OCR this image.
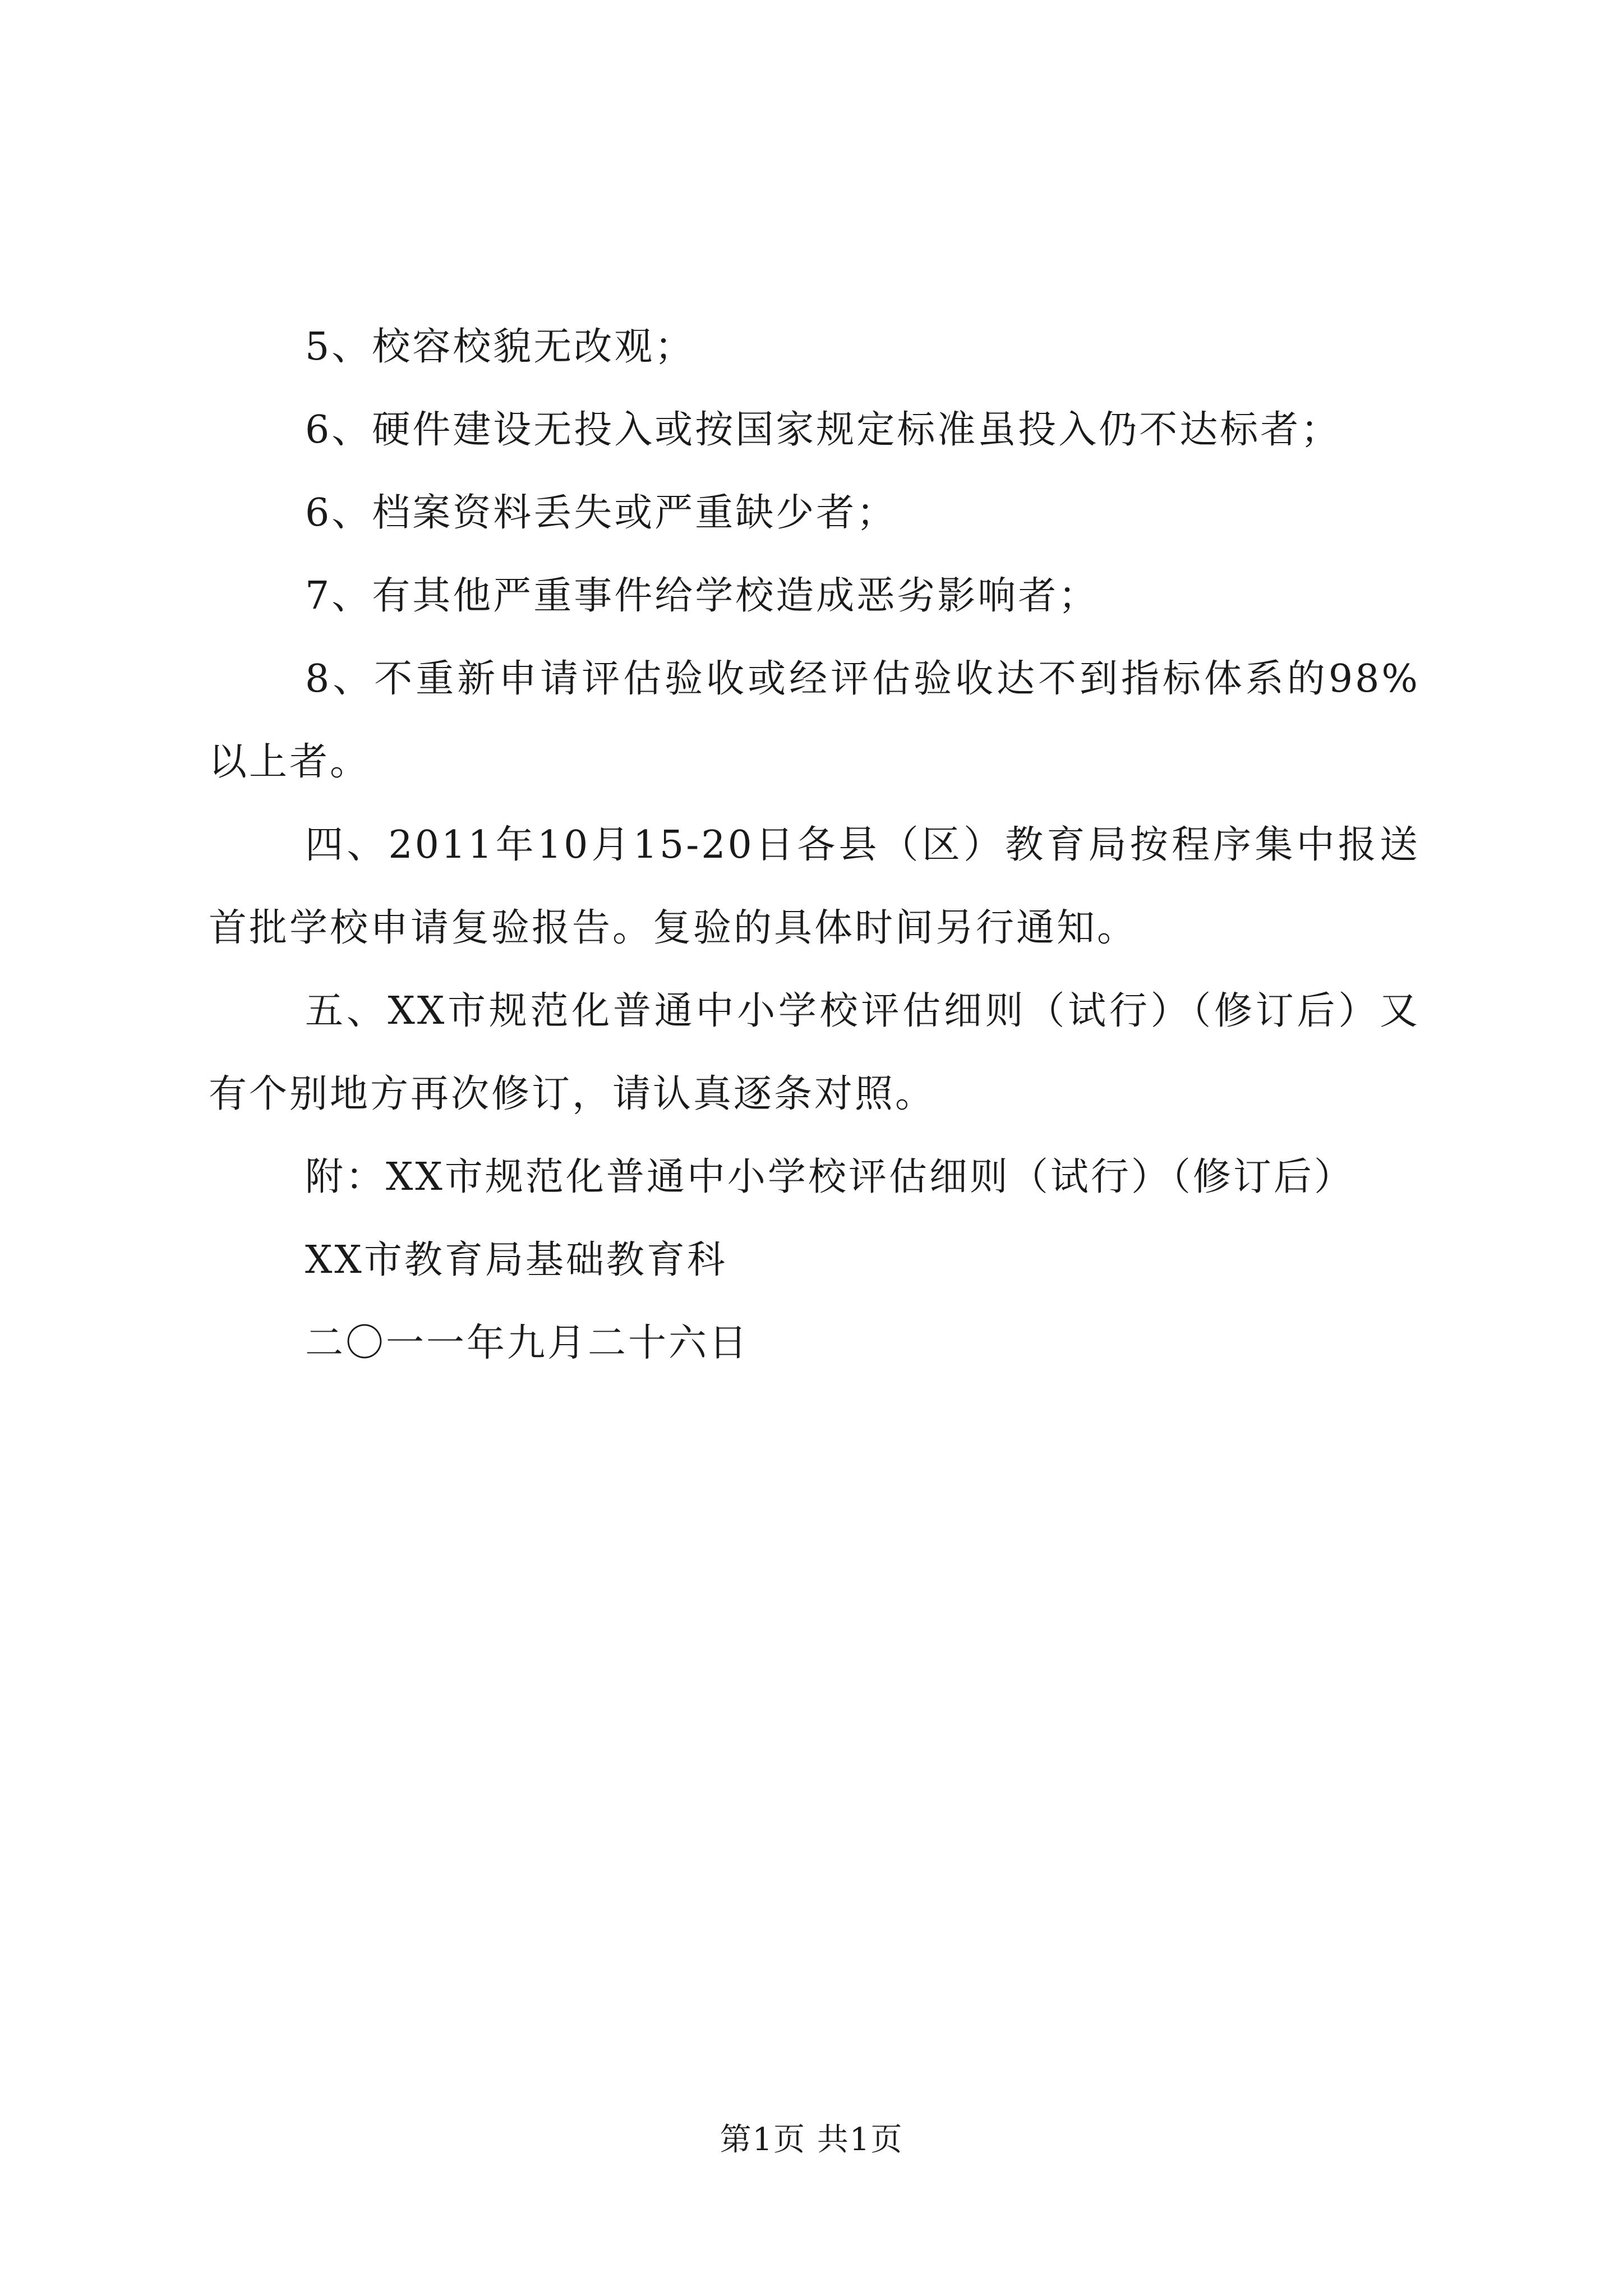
5、校容校貌无改观；

6、硬件建设无投入或按国家规定标准虽投入仍不达标者；

6、档案资料丢失或严重缺少者；

7、有其他严重事件给学校造成恶劣影响者；

8、不重新申请评估验收或经评估验收达不到指标体系的98%以上者。

四、2011年10月15-20日各县（区）教育局按程序集中报送首批学校申请复验报告。复验的具体时间另行通知。

五、XX市规范化普通中小学校评估细则（试行）（修订后）又有个别地方再次修订，请认真逐条对照。

附：XX市规范化普通中小学校评估细则（试行）（修订后）

XX市教育局基础教育科

二〇一一年九月二十六日

第1页 共1页
